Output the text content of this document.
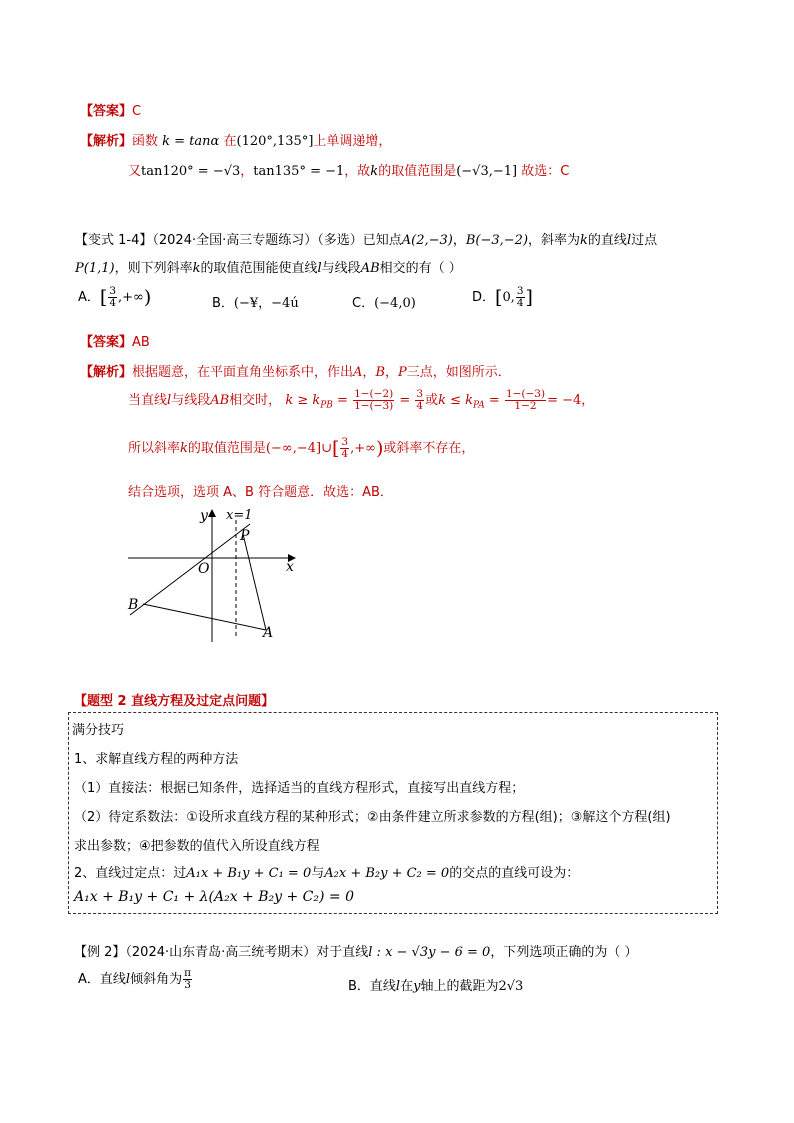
【答案】C
【解析】函数 k = tanα 在(120°,135°]上单调递增，
又tan120° = −√3，tan135° = −1，故k的取值范围是(−√3,−1] 故选：C
【变式 1-4】（2024·全国·高三专题练习）（多选）已知点A(2,−3)，B(−3,−2)，斜率为k的直线l过点
P(1,1)，则下列斜率k的取值范围能使直线l与线段AB相交的有（ ）
A．[ $\frac{3}{4}$ ,+∞)	B．(−¥，−4ú	C．(−4,0)	D．[0, $\frac{3}{4}$ ]
【答案】AB
【解析】根据题意，在平面直角坐标系中，作出A，B，P三点，如图所示．
当直线l与线段AB相交时， $k \ge k_{PB} = \frac{1-(-2)}{1-(-3)} = \frac{3}{4}$ 或$k \le k_{PA} = \frac{1-(-3)}{1-2} = -4$，
所以斜率k的取值范围是(−∞,−4]∪[ $\frac{3}{4}$ ,+∞)或斜率不存在，
结合选项，选项 A、B 符合题意．故选：AB．
y x=1
P
x
O
B
A
【题型 2 直线方程及过定点问题】
满分技巧
1、求解直线方程的两种方法
（1）直接法：根据已知条件，选择适当的直线方程形式，直接写出直线方程；
（2）待定系数法：①设所求直线方程的某种形式；②由条件建立所求参数的方程(组)；③解这个方程(组)
求出参数；④把参数的值代入所设直线方程
2、直线过定点：过A₁x + B₁y + C₁ = 0与A₂x + B₂y + C₂ = 0的交点的直线可设为：
A₁x + B₁y + C₁ + λ(A₂x + B₂y + C₂) = 0
【例 2】（2024·山东青岛·高三统考期末）对于直线l : x − √3y − 6 = 0，下列选项正确的为（ ）
A．直线l倾斜角为 $\frac{\pi}{3}$	B．直线l在y轴上的截距为2√3
